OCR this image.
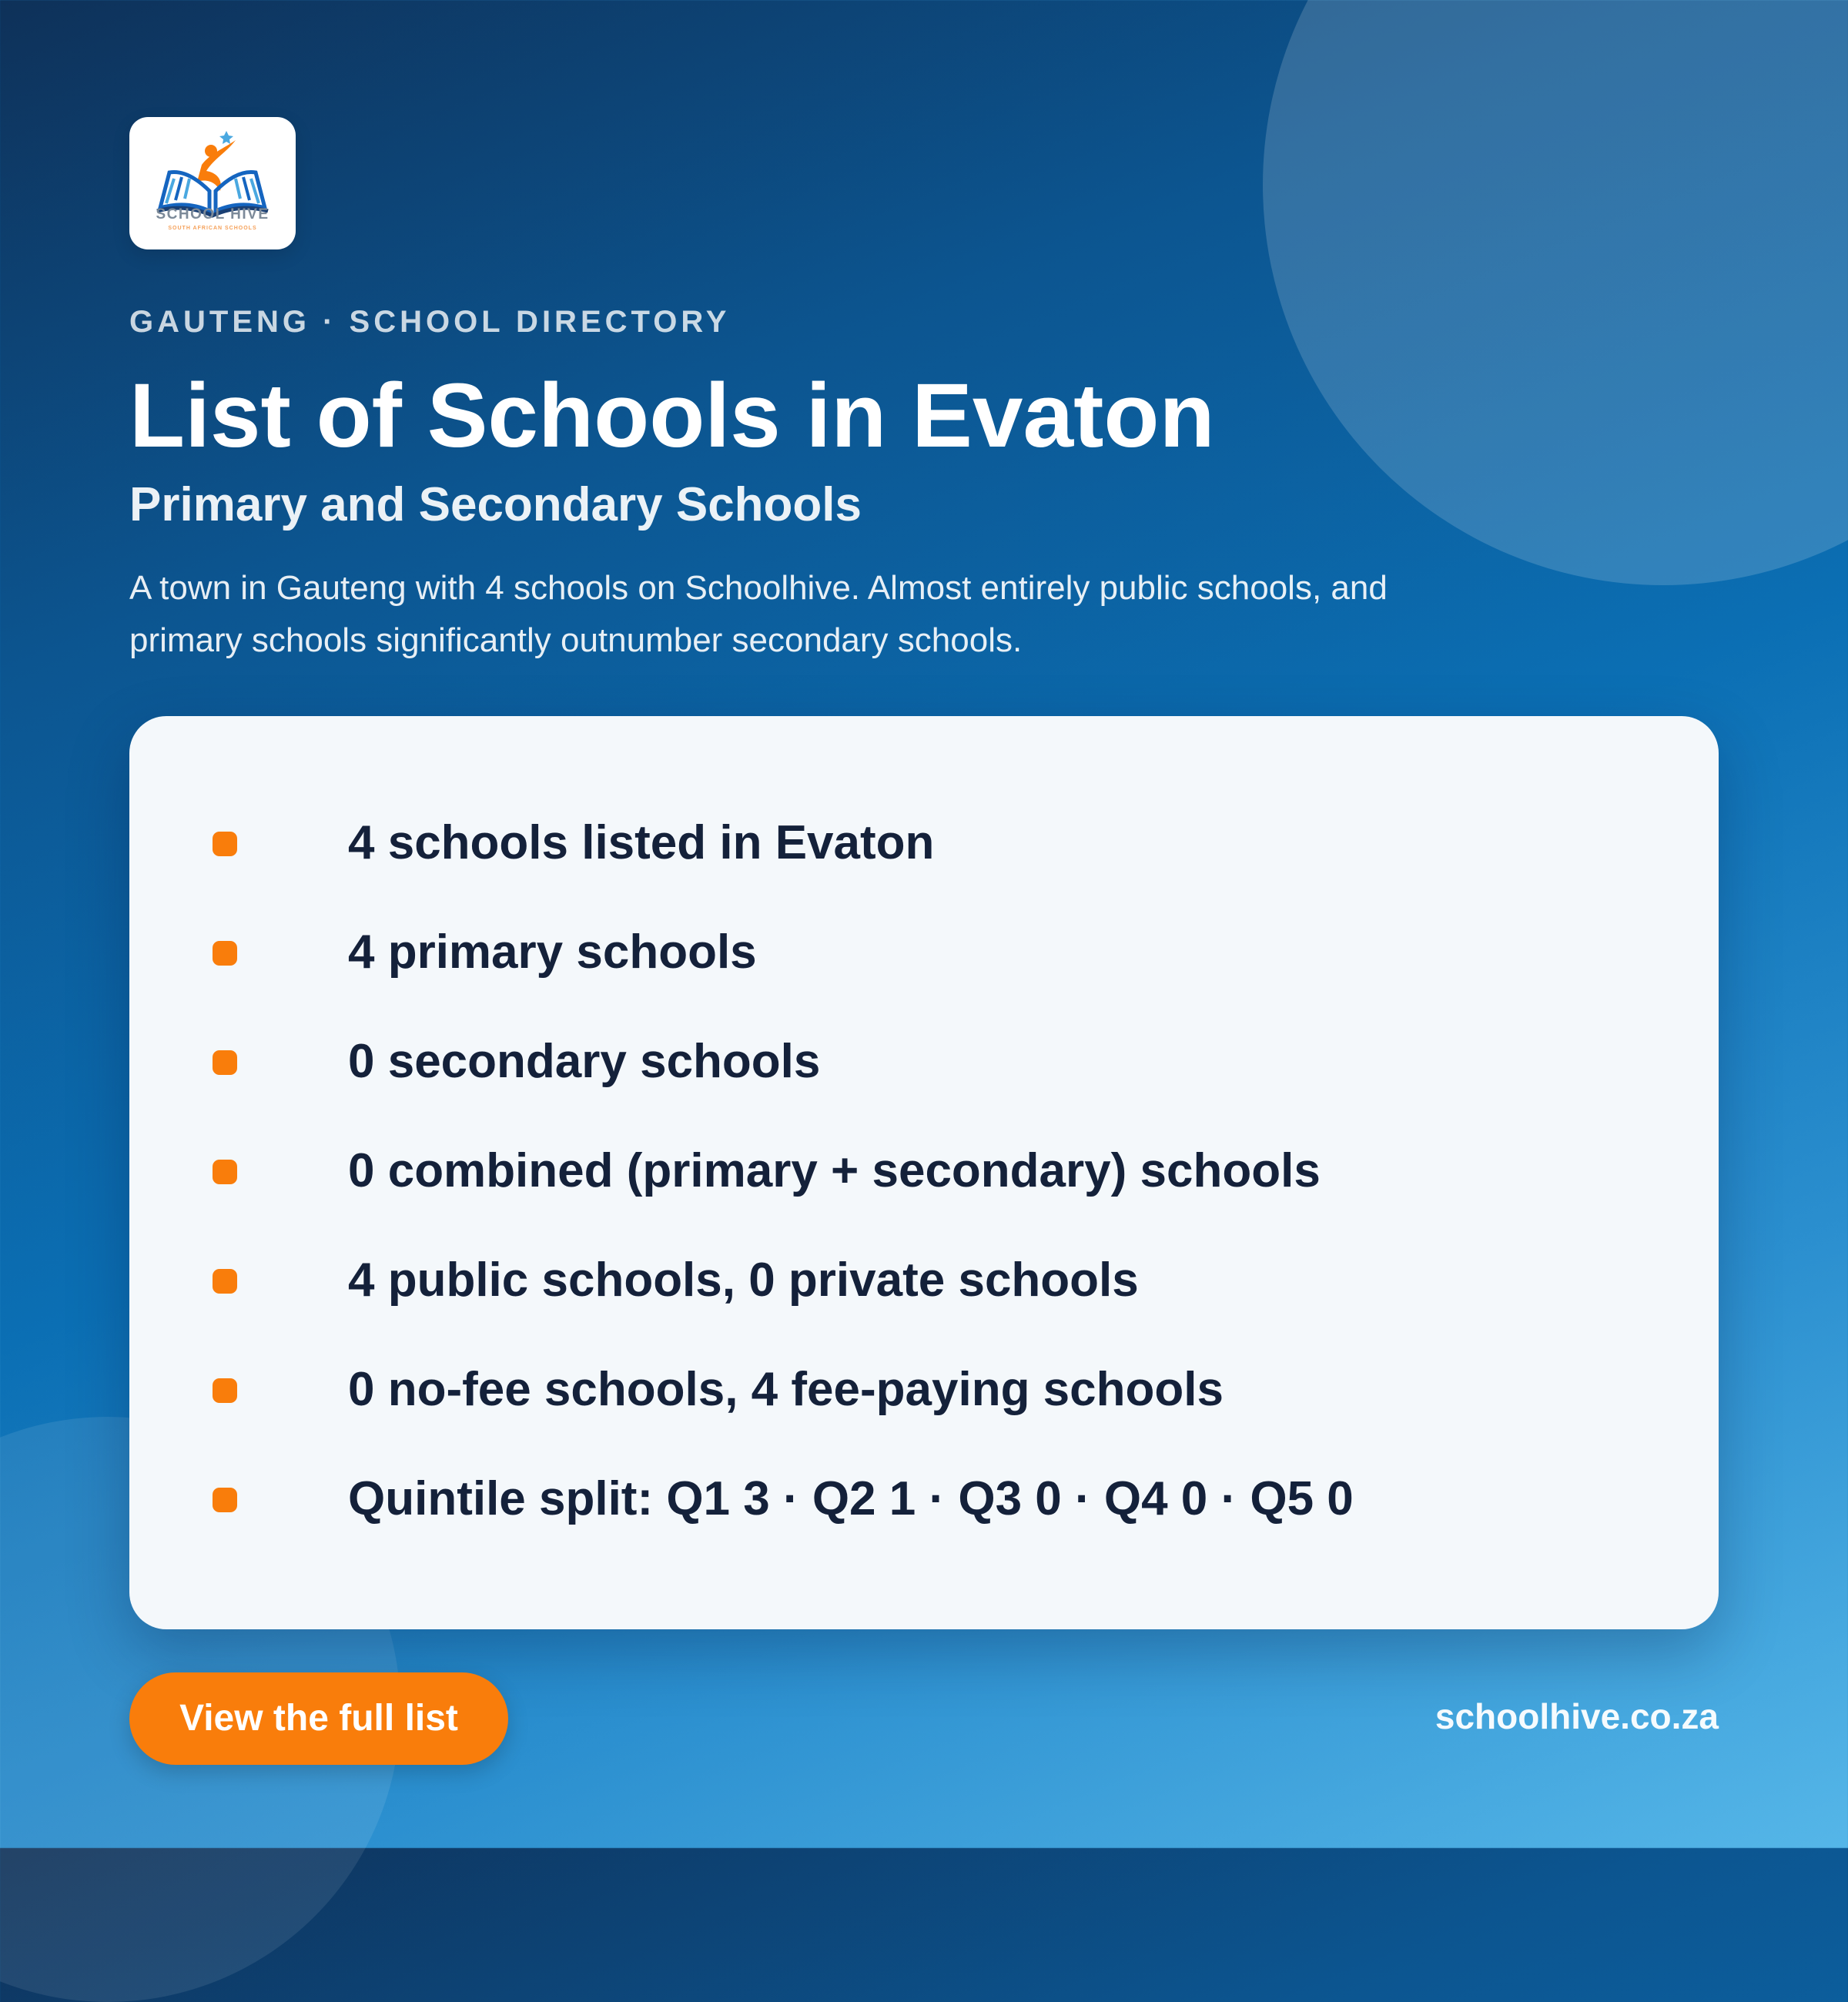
SCHOOL HIVE
SOUTH AFRICAN SCHOOLS
GAUTENG · SCHOOL DIRECTORY
List of Schools in Evaton
Primary and Secondary Schools
A town in Gauteng with 4 schools on Schoolhive. Almost entirely public schools, and primary schools significantly outnumber secondary schools.
4 schools listed in Evaton
4 primary schools
0 secondary schools
0 combined (primary + secondary) schools
4 public schools, 0 private schools
0 no-fee schools, 4 fee-paying schools
Quintile split: Q1 3 · Q2 1 · Q3 0 · Q4 0 · Q5 0
View the full list	schoolhive.co.za
